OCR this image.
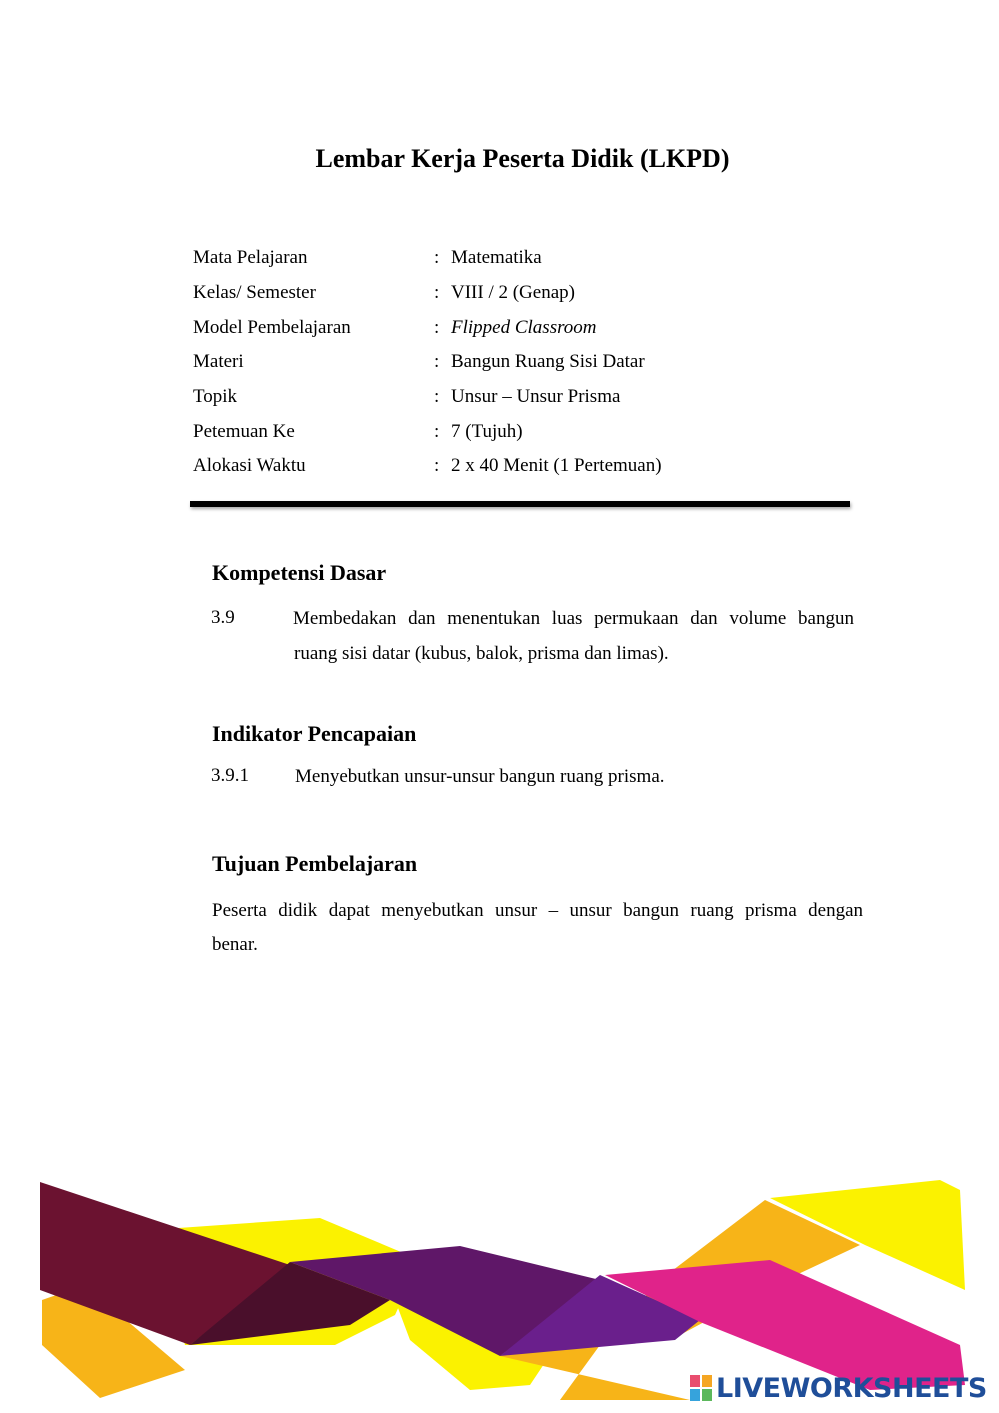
Lembar Kerja Peserta Didik (LKPD)
Mata Pelajaran	: Matematika
Kelas/ Semester	: VIII / 2 (Genap)
Model Pembelajaran	: Flipped Classroom
Materi	: Bangun Ruang Sisi Datar
Topik	: Unsur – Unsur Prisma
Petemuan Ke	: 7 (Tujuh)
Alokasi Waktu	: 2 x 40 Menit (1 Pertemuan)
Kompetensi Dasar
3.9	Membedakan dan menentukan luas permukaan dan volume bangun
ruang sisi datar (kubus, balok, prisma dan limas).
Indikator Pencapaian
3.9.1 Menyebutkan unsur-unsur bangun ruang prisma.
Tujuan Pembelajaran
Peserta didik dapat menyebutkan unsur – unsur bangun ruang prisma dengan
benar.
LIVEWORKSHEETS
